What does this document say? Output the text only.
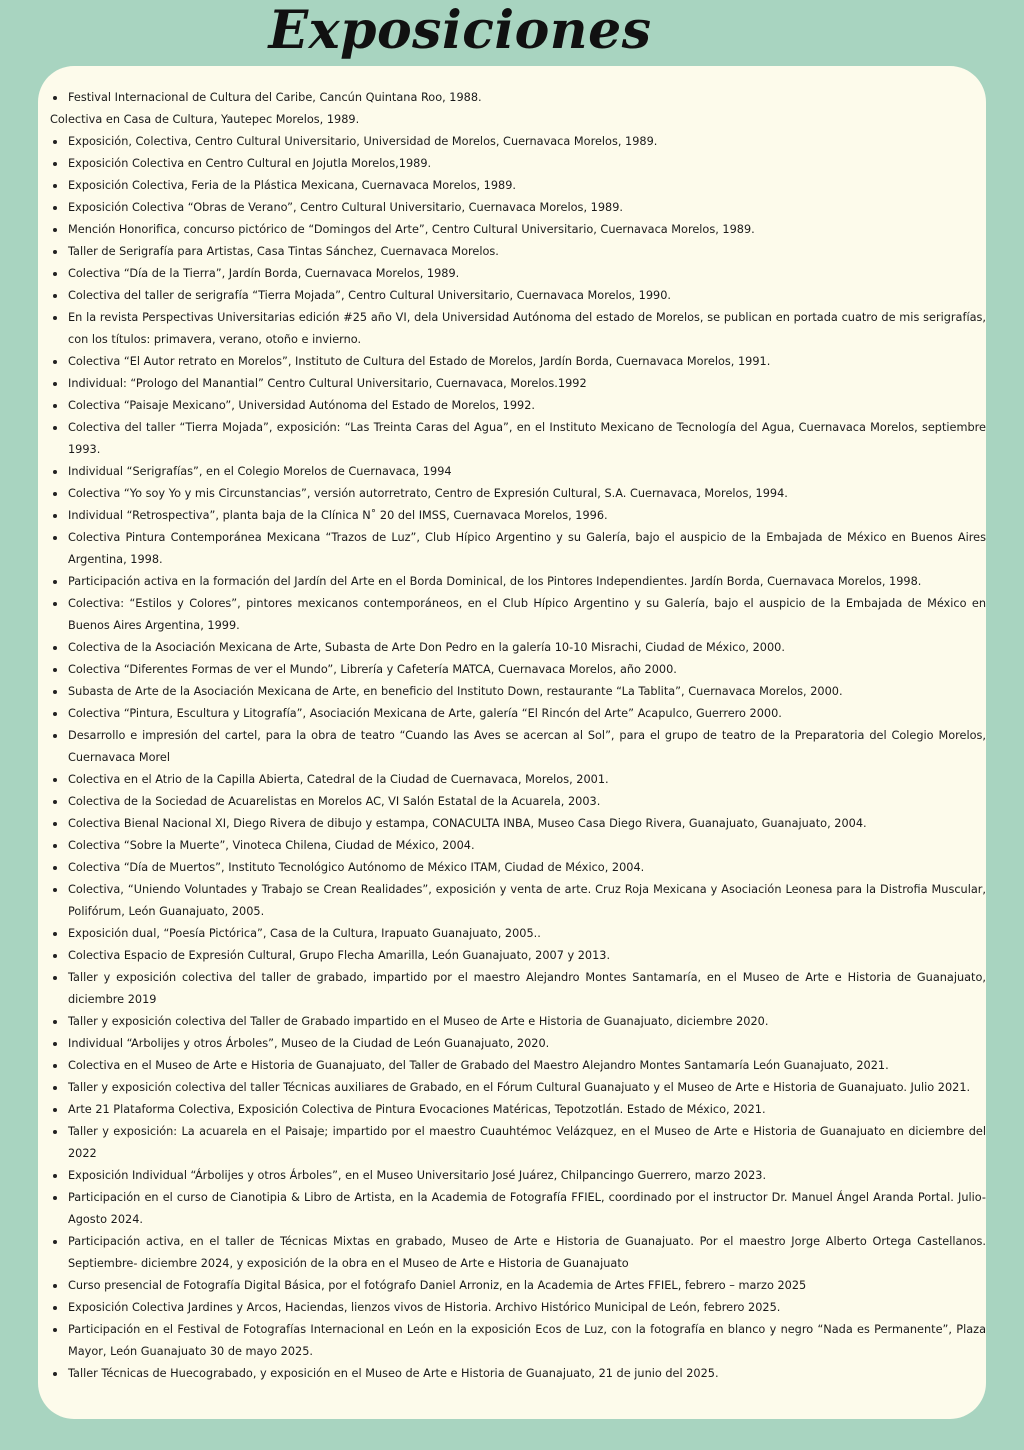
Exposiciones
Festival Internacional de Cultura del Caribe, Cancún Quintana Roo, 1988.
Colectiva en Casa de Cultura, Yautepec Morelos, 1989.
Exposición, Colectiva, Centro Cultural Universitario, Universidad de Morelos, Cuernavaca Morelos, 1989.
Exposición Colectiva en Centro Cultural en Jojutla Morelos,1989.
Exposición Colectiva, Feria de la Plástica Mexicana, Cuernavaca Morelos, 1989.
Exposición Colectiva “Obras de Verano”, Centro Cultural Universitario, Cuernavaca Morelos, 1989.
Mención Honorifica, concurso pictórico de “Domingos del Arte”, Centro Cultural Universitario, Cuernavaca Morelos, 1989.
Taller de Serigrafía para Artistas, Casa Tintas Sánchez, Cuernavaca Morelos.
Colectiva “Día de la Tierra”, Jardín Borda, Cuernavaca Morelos, 1989.
Colectiva del taller de serigrafía “Tierra Mojada”, Centro Cultural Universitario, Cuernavaca Morelos, 1990.
En la revista Perspectivas Universitarias edición #25 año VI, dela Universidad Autónoma del estado de Morelos, se publican en portada cuatro de mis serigrafías, con los títulos: primavera, verano, otoño e invierno.
Colectiva “El Autor retrato en Morelos”, Instituto de Cultura del Estado de Morelos, Jardín Borda, Cuernavaca Morelos, 1991.
Individual: “Prologo del Manantial” Centro Cultural Universitario, Cuernavaca, Morelos.1992
Colectiva “Paisaje Mexicano”, Universidad Autónoma del Estado de Morelos, 1992.
Colectiva del taller “Tierra Mojada”, exposición: “Las Treinta Caras del Agua”, en el Instituto Mexicano de Tecnología del Agua, Cuernavaca Morelos, septiembre 1993.
Individual “Serigrafías”, en el Colegio Morelos de Cuernavaca, 1994
Colectiva “Yo soy Yo y mis Circunstancias”, versión autorretrato, Centro de Expresión Cultural, S.A. Cuernavaca, Morelos, 1994.
Individual “Retrospectiva”, planta baja de la Clínica N˚ 20 del IMSS, Cuernavaca Morelos, 1996.
Colectiva Pintura Contemporánea Mexicana “Trazos de Luz”, Club Hípico Argentino y su Galería, bajo el auspicio de la Embajada de México en Buenos Aires Argentina, 1998.
Participación activa en la formación del Jardín del Arte en el Borda Dominical, de los Pintores Independientes. Jardín Borda, Cuernavaca Morelos, 1998.
Colectiva: “Estilos y Colores”, pintores mexicanos contemporáneos, en el Club Hípico Argentino y su Galería, bajo el auspicio de la Embajada de México en Buenos Aires Argentina, 1999.
Colectiva de la Asociación Mexicana de Arte, Subasta de Arte Don Pedro en la galería 10-10 Misrachi, Ciudad de México, 2000.
Colectiva “Diferentes Formas de ver el Mundo”, Librería y Cafetería MATCA, Cuernavaca Morelos, año 2000.
Subasta de Arte de la Asociación Mexicana de Arte, en beneficio del Instituto Down, restaurante “La Tablita”, Cuernavaca Morelos, 2000.
Colectiva “Pintura, Escultura y Litografía”, Asociación Mexicana de Arte, galería “El Rincón del Arte” Acapulco, Guerrero 2000.
Desarrollo e impresión del cartel, para la obra de teatro “Cuando las Aves se acercan al Sol”, para el grupo de teatro de la Preparatoria del Colegio Morelos, Cuernavaca Morel
Colectiva en el Atrio de la Capilla Abierta, Catedral de la Ciudad de Cuernavaca, Morelos, 2001.
Colectiva de la Sociedad de Acuarelistas en Morelos AC, VI Salón Estatal de la Acuarela, 2003.
Colectiva Bienal Nacional XI, Diego Rivera de dibujo y estampa, CONACULTA INBA, Museo Casa Diego Rivera, Guanajuato, Guanajuato, 2004.
Colectiva “Sobre la Muerte”, Vinoteca Chilena, Ciudad de México, 2004.
Colectiva “Día de Muertos”, Instituto Tecnológico Autónomo de México ITAM, Ciudad de México, 2004.
Colectiva, “Uniendo Voluntades y Trabajo se Crean Realidades”, exposición y venta de arte. Cruz Roja Mexicana y Asociación Leonesa para la Distrofia Muscular, Polifórum, León Guanajuato, 2005.
Exposición dual, “Poesía Pictórica”, Casa de la Cultura, Irapuato Guanajuato, 2005..
Colectiva Espacio de Expresión Cultural, Grupo Flecha Amarilla, León Guanajuato, 2007 y 2013.
Taller y exposición colectiva del taller de grabado, impartido por el maestro Alejandro Montes Santamaría, en el Museo de Arte e Historia de Guanajuato, diciembre 2019
Taller y exposición colectiva del Taller de Grabado impartido en el Museo de Arte e Historia de Guanajuato, diciembre 2020.
Individual “Arbolijes y otros Árboles”, Museo de la Ciudad de León Guanajuato, 2020.
Colectiva en el Museo de Arte e Historia de Guanajuato, del Taller de Grabado del Maestro Alejandro Montes Santamaría León Guanajuato, 2021.
Taller y exposición colectiva del taller Técnicas auxiliares de Grabado, en el Fórum Cultural Guanajuato y el Museo de Arte e Historia de Guanajuato. Julio 2021.
Arte 21 Plataforma Colectiva, Exposición Colectiva de Pintura Evocaciones Matéricas, Tepotzotlán. Estado de México, 2021.
Taller y exposición: La acuarela en el Paisaje; impartido por el maestro Cuauhtémoc Velázquez, en el Museo de Arte e Historia de Guanajuato en diciembre del 2022
Exposición Individual “Árbolijes y otros Árboles”, en el Museo Universitario José Juárez, Chilpancingo Guerrero, marzo 2023.
Participación en el curso de Cianotipia & Libro de Artista, en la Academia de Fotografía FFIEL, coordinado por el instructor Dr. Manuel Ángel Aranda Portal. Julio-Agosto 2024.
Participación activa, en el taller de Técnicas Mixtas en grabado, Museo de Arte e Historia de Guanajuato. Por el maestro Jorge Alberto Ortega Castellanos. Septiembre- diciembre 2024, y exposición de la obra en el Museo de Arte e Historia de Guanajuato
Curso presencial de Fotografía Digital Básica, por el fotógrafo Daniel Arroniz, en la Academia de Artes FFIEL, febrero – marzo 2025
Exposición Colectiva Jardines y Arcos, Haciendas, lienzos vivos de Historia. Archivo Histórico Municipal de León, febrero 2025.
Participación en el Festival de Fotografías Internacional en León en la exposición Ecos de Luz, con la fotografía en blanco y negro “Nada es Permanente”, Plaza Mayor, León Guanajuato 30 de mayo 2025.
Taller Técnicas de Huecograbado, y exposición en el Museo de Arte e Historia de Guanajuato, 21 de junio del 2025.
